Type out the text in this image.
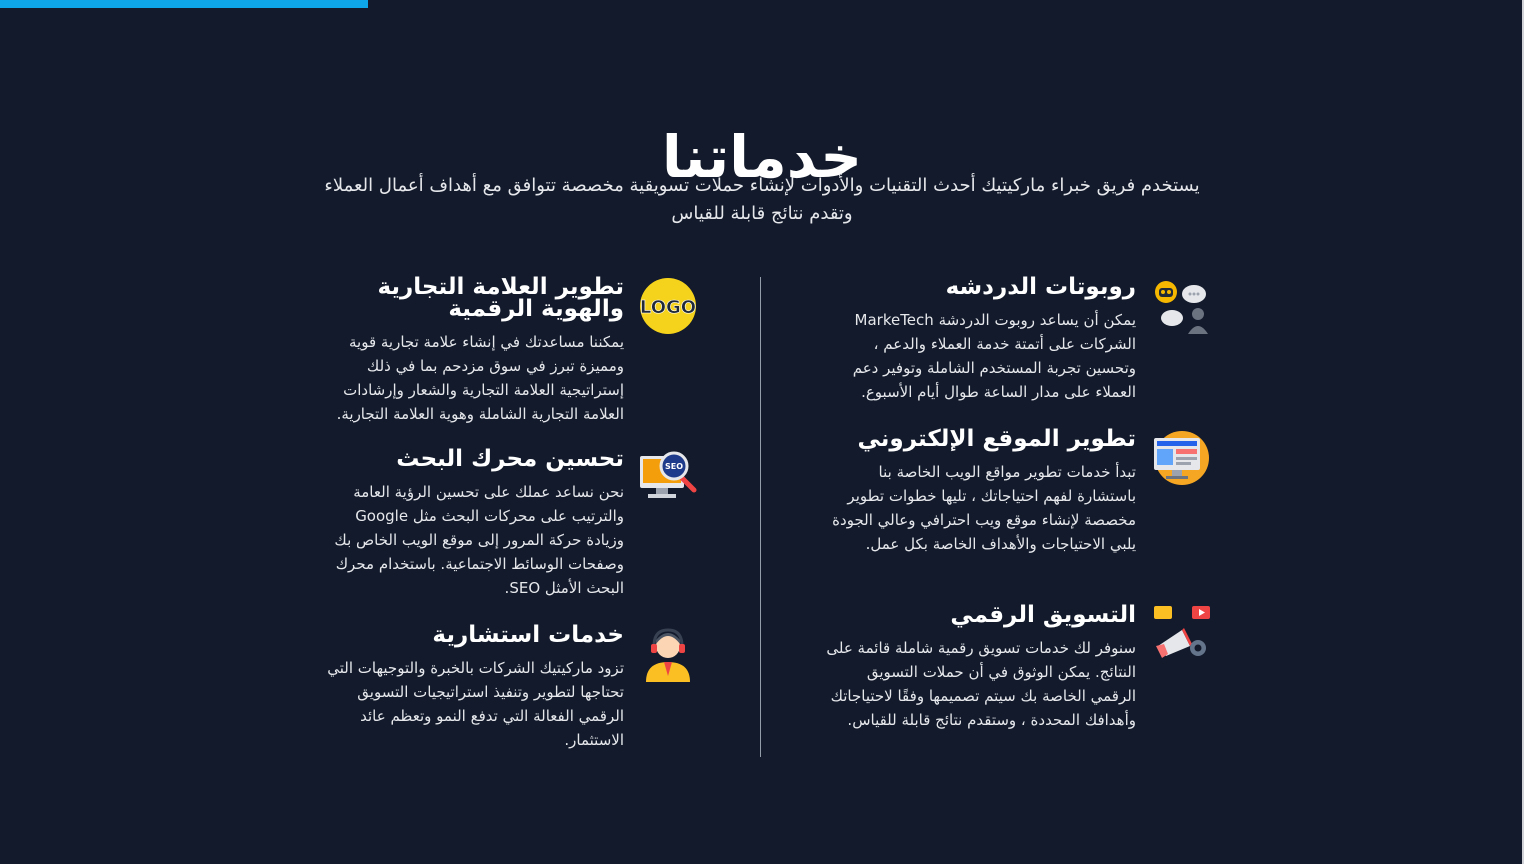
خدماتنا
يستخدم فريق خبراء ماركيتيك أحدث التقنيات والأدوات لإنشاء حملات تسويقية مخصصة تتوافق مع أهداف أعمال العملاء وتقدم نتائج قابلة للقياس
روبوتات الدردشه

يمكن أن يساعد روبوت الدردشة MarkeTech الشركات على أتمتة خدمة العملاء والدعم ، وتحسين تجربة المستخدم الشاملة وتوفير دعم العملاء على مدار الساعة طوال أيام الأسبوع.

تطوير الموقع الإلكتروني

تبدأ خدمات تطوير مواقع الويب الخاصة بنا باستشارة لفهم احتياجاتك ، تليها خطوات تطوير مخصصة لإنشاء موقع ويب احترافي وعالي الجودة يلبي الاحتياجات والأهداف الخاصة بكل عمل.

التسويق الرقمي

سنوفر لك خدمات تسويق رقمية شاملة قائمة على النتائج. يمكن الوثوق في أن حملات التسويق الرقمي الخاصة بك سيتم تصميمها وفقًا لاحتياجاتك وأهدافك المحددة ، وستقدم نتائج قابلة للقياس.

LOGO
تطوير العلامة التجارية والهوية الرقمية

يمكننا مساعدتك في إنشاء علامة تجارية قوية ومميزة تبرز في سوق مزدحم بما في ذلك إستراتيجية العلامة التجارية والشعار وإرشادات العلامة التجارية الشاملة وهوية العلامة التجارية.

SEO
تحسين محرك البحث

نحن نساعد عملك على تحسين الرؤية العامة والترتيب على محركات البحث مثل Google وزيادة حركة المرور إلى موقع الويب الخاص بك وصفحات الوسائط الاجتماعية. باستخدام محرك البحث الأمثل SEO.

خدمات استشارية

تزود ماركيتيك الشركات بالخبرة والتوجيهات التي تحتاجها لتطوير وتنفيذ استراتيجيات التسويق الرقمي الفعالة التي تدفع النمو وتعظم عائد الاستثمار.
